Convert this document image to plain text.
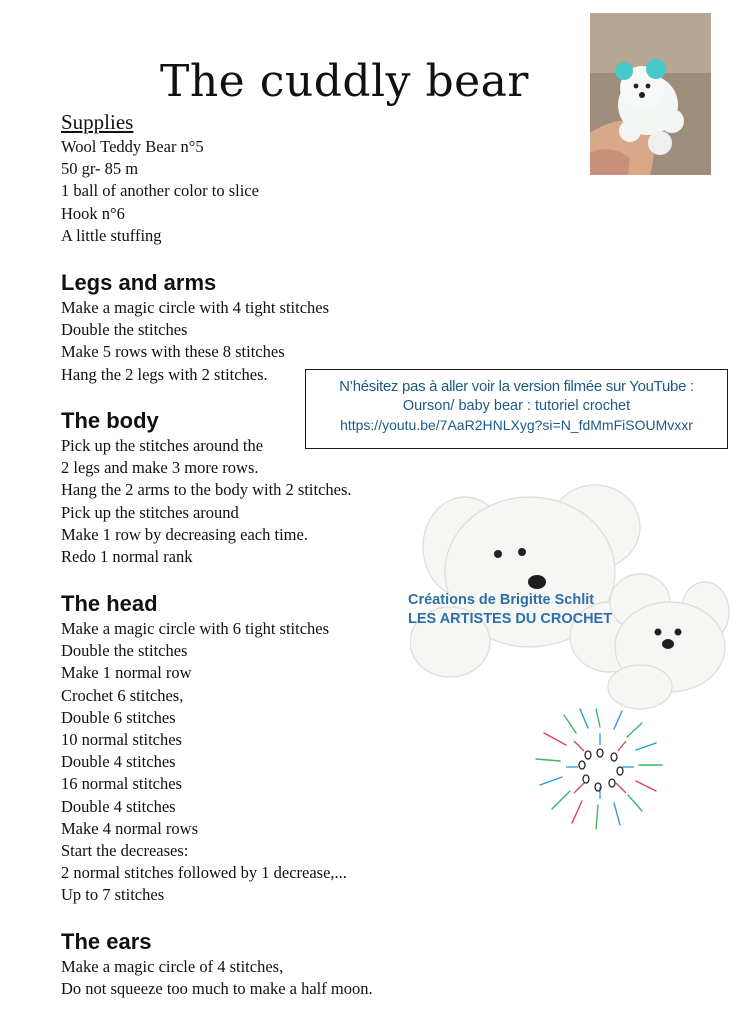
The cuddly bear
Supplies
Wool Teddy Bear n°5
50 gr- 85 m
1 ball of another color to slice
Hook n°6
A little stuffing
Legs and arms
Make a magic circle with 4 tight stitches
Double the stitches
Make 5 rows with these 8 stitches
Hang the 2 legs with 2 stitches.
The body
Pick up the stitches around the
2 legs and make 3 more rows.
Hang the 2 arms to the body with 2 stitches.
Pick up the stitches around
Make 1 row by decreasing each time.
Redo 1 normal rank
The head
Make a magic circle with 6 tight stitches
Double the stitches
Make 1 normal row
Crochet 6 stitches,
Double 6 stitches
10 normal stitches
Double 4 stitches
16 normal stitches
Double 4 stitches
Make 4 normal rows
Start the decreases:
2 normal stitches followed by 1 decrease,...
Up to 7 stitches
The ears
Make a magic circle of 4 stitches,
Do not squeeze too much to make a half moon.
N’hésitez pas à aller voir la version filmée sur YouTube :
Ourson/ baby bear : tutoriel crochet
https://youtu.be/7AaR2HNLXyg?si=N_fdMmFiSOUMvxxr
Créations de Brigitte Schlit
LES ARTISTES DU CROCHET
